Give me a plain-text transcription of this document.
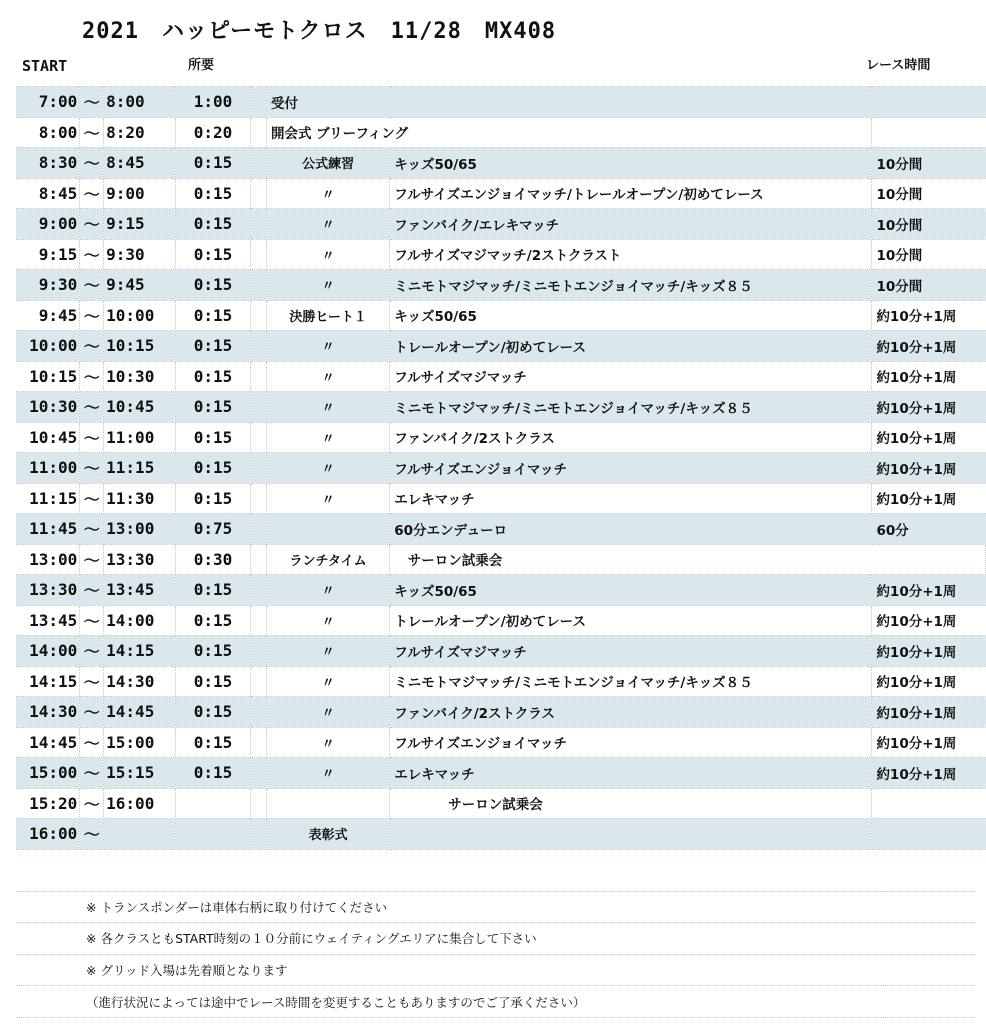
2021　ハッピーモトクロス　11/28　MX408
START	所要	レース時間
7:00	〜	8:00	1:00		受付		
8:00	〜	8:20	0:20		開会式 ブリーフィング		
8:30	〜	8:45	0:15		公式練習	キッズ50/65	10分間
8:45	〜	9:00	0:15		〃	フルサイズエンジョイマッチ/トレールオープン/初めてレース	10分間
9:00	〜	9:15	0:15		〃	ファンバイク/エレキマッチ	10分間
9:15	〜	9:30	0:15		〃	フルサイズマジマッチ/2ストクラスト	10分間
9:30	〜	9:45	0:15		〃	ミニモトマジマッチ/ミニモトエンジョイマッチ/キッズ８５	10分間
9:45	〜	10:00	0:15		決勝ヒート１	キッズ50/65	約10分+1周
10:00	〜	10:15	0:15		〃	トレールオープン/初めてレース	約10分+1周
10:15	〜	10:30	0:15		〃	フルサイズマジマッチ	約10分+1周
10:30	〜	10:45	0:15		〃	ミニモトマジマッチ/ミニモトエンジョイマッチ/キッズ８５	約10分+1周
10:45	〜	11:00	0:15		〃	ファンバイク/2ストクラス	約10分+1周
11:00	〜	11:15	0:15		〃	フルサイズエンジョイマッチ	約10分+1周
11:15	〜	11:30	0:15		〃	エレキマッチ	約10分+1周
11:45	〜	13:00	0:75			60分エンデューロ	60分
13:00	〜	13:30	0:30		ランチタイム	　サーロン試乗会	
13:30	〜	13:45	0:15		〃	キッズ50/65	約10分+1周
13:45	〜	14:00	0:15		〃	トレールオープン/初めてレース	約10分+1周
14:00	〜	14:15	0:15		〃	フルサイズマジマッチ	約10分+1周
14:15	〜	14:30	0:15		〃	ミニモトマジマッチ/ミニモトエンジョイマッチ/キッズ８５	約10分+1周
14:30	〜	14:45	0:15		〃	ファンバイク/2ストクラス	約10分+1周
14:45	〜	15:00	0:15		〃	フルサイズエンジョイマッチ	約10分+1周
15:00	〜	15:15	0:15		〃	エレキマッチ	約10分+1周
15:20	〜	16:00				　　　　サーロン試乗会	
16:00	〜				表彰式		

※ トランスポンダーは車体右柄に取り付けてください	
※ 各クラスともSTART時刻の１０分前にウェイティングエリアに集合して下さい	
※ グリッド入場は先着順となります	
（進行状況によっては途中でレース時間を変更することもありますのでご了承ください）	
